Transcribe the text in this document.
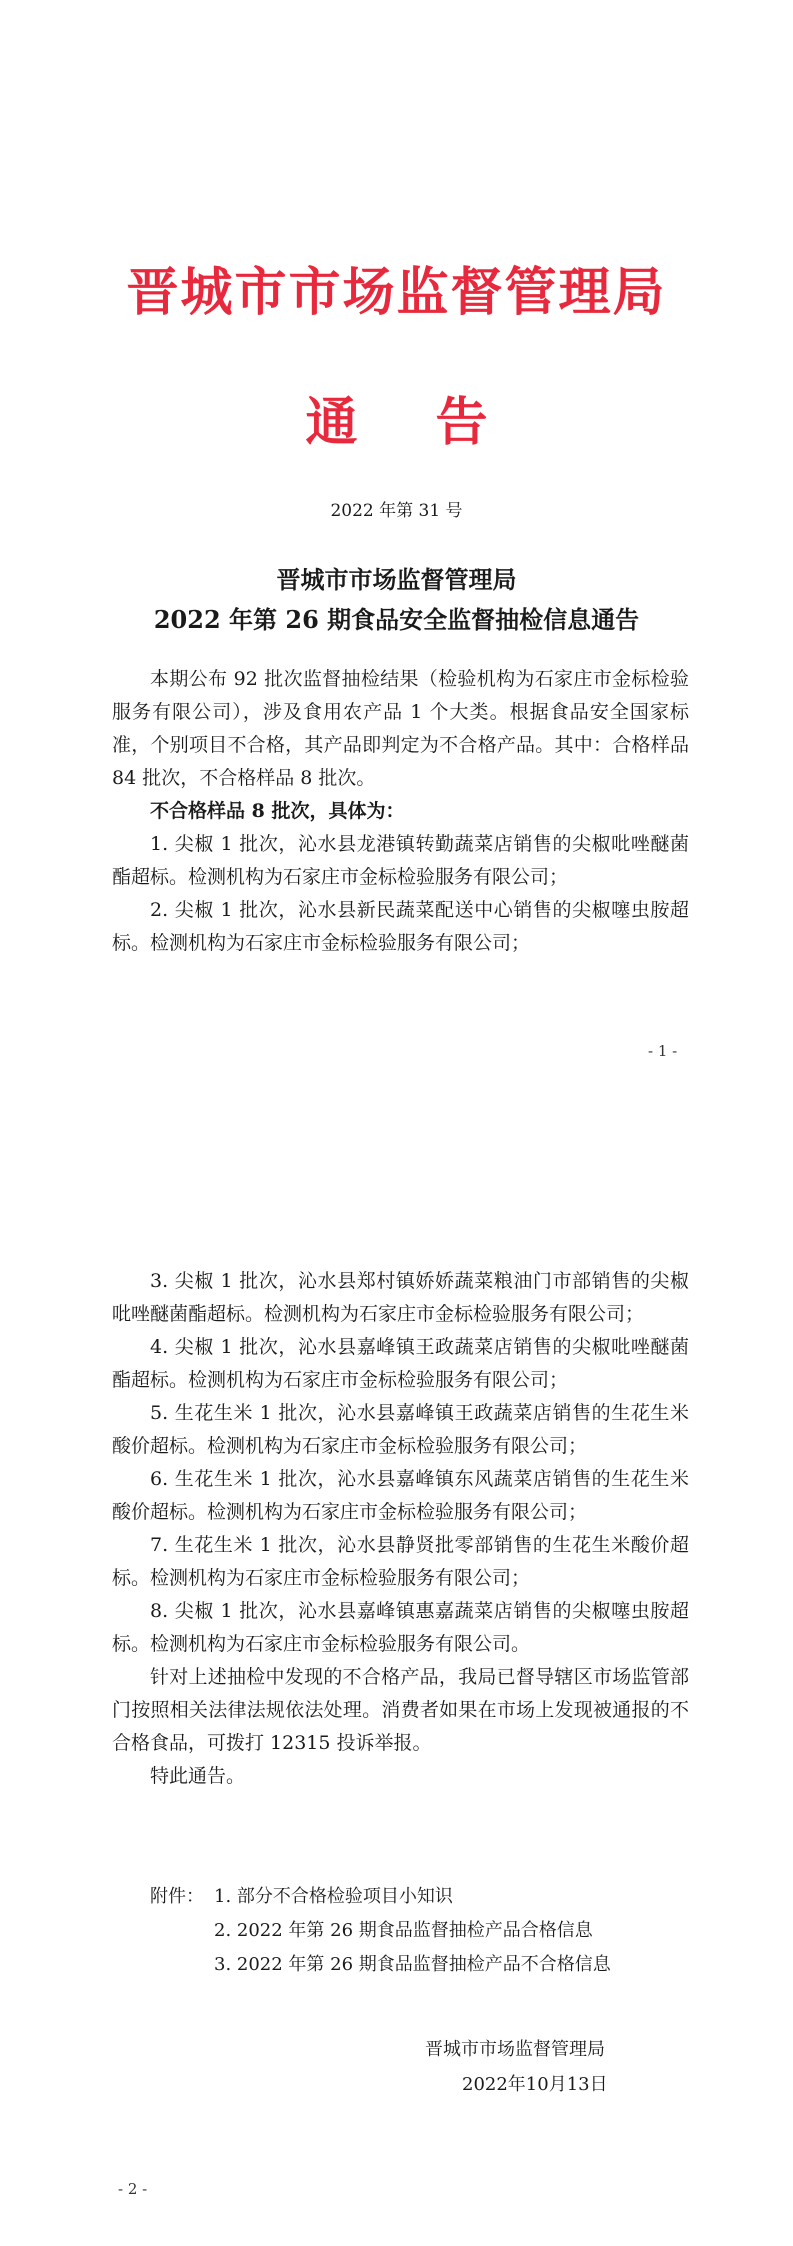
晋城市市场监督管理局
通 告
2022 年第 31 号
晋城市市场监督管理局
2022 年第 26 期食品安全监督抽检信息通告

本期公布 92 批次监督抽检结果（检验机构为石家庄市金标检验服务有限公司），涉及食用农产品 1 个大类。根据食品安全国家标准，个别项目不合格，其产品即判定为不合格产品。其中：合格样品 84 批次，不合格样品 8 批次。

不合格样品 8 批次，具体为：

1. 尖椒 1 批次，沁水县龙港镇转勤蔬菜店销售的尖椒吡唑醚菌酯超标。检测机构为石家庄市金标检验服务有限公司；

2. 尖椒 1 批次，沁水县新民蔬菜配送中心销售的尖椒噻虫胺超标。检测机构为石家庄市金标检验服务有限公司；

- 1 -

3. 尖椒 1 批次，沁水县郑村镇娇娇蔬菜粮油门市部销售的尖椒吡唑醚菌酯超标。检测机构为石家庄市金标检验服务有限公司；

4. 尖椒 1 批次，沁水县嘉峰镇王政蔬菜店销售的尖椒吡唑醚菌酯超标。检测机构为石家庄市金标检验服务有限公司；

5. 生花生米 1 批次，沁水县嘉峰镇王政蔬菜店销售的生花生米酸价超标。检测机构为石家庄市金标检验服务有限公司；

6. 生花生米 1 批次，沁水县嘉峰镇东风蔬菜店销售的生花生米酸价超标。检测机构为石家庄市金标检验服务有限公司；

7. 生花生米 1 批次，沁水县静贤批零部销售的生花生米酸价超标。检测机构为石家庄市金标检验服务有限公司；

8. 尖椒 1 批次，沁水县嘉峰镇惠嘉蔬菜店销售的尖椒噻虫胺超标。检测机构为石家庄市金标检验服务有限公司。

针对上述抽检中发现的不合格产品，我局已督导辖区市场监管部门按照相关法律法规依法处理。消费者如果在市场上发现被通报的不合格食品，可拨打 12315 投诉举报。

特此通告。

附件： 1. 部分不合格检验项目小知识
2. 2022 年第 26 期食品监督抽检产品合格信息
3. 2022 年第 26 期食品监督抽检产品不合格信息
晋城市市场监督管理局
2022年10月13日
- 2 -
